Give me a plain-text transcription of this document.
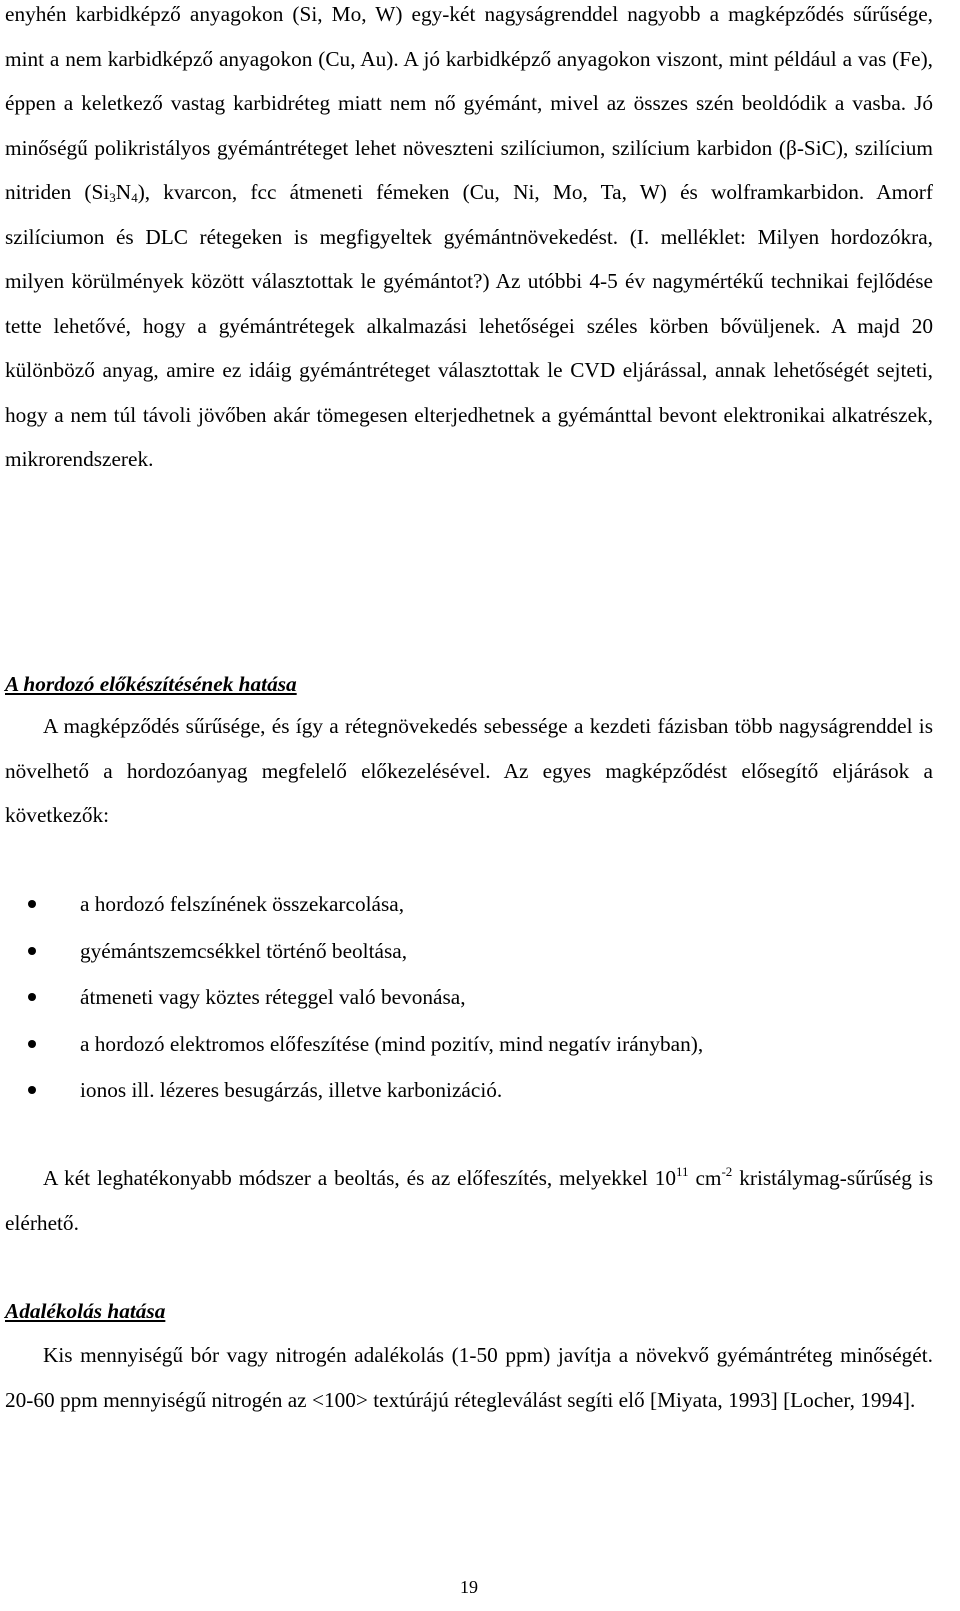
enyhén karbidképző anyagokon (Si, Mo, W) egy-két nagyságrenddel nagyobb a magképződés sűrűsége, mint a nem karbidképző anyagokon (Cu, Au). A jó karbidképző anyagokon viszont, mint például a vas (Fe), éppen a keletkező vastag karbidréteg miatt nem nő gyémánt, mivel az összes szén beoldódik a vasba. Jó minőségű polikristályos gyémántréteget lehet növeszteni szilíciumon, szilícium karbidon (β-SiC), szilícium nitriden $(Si_3N_4)$, kvarcon, fcc átmeneti fémeken (Cu, Ni, Mo, Ta, W) és wolframkarbidon. Amorf szilíciumon és DLC rétegeken is megfigyeltek gyémántnövekedést. (I. melléklet: Milyen hordozókra, milyen körülmények között választottak le gyémántot?) Az utóbbi 4-5 év nagymértékű technikai fejlődése tette lehetővé, hogy a gyémántrétegek alkalmazási lehetőségei széles körben bővüljenek. A majd 20 különböző anyag, amire ez idáig gyémántréteget választottak le CVD eljárással, annak lehetőségét sejteti, hogy a nem túl távoli jövőben akár tömegesen elterjedhetnek a gyémánttal bevont elektronikai alkatrészek, mikrorendszerek.

A hordozó előkészítésének hatása

A magképződés sűrűsége, és így a rétegnövekedés sebessége a kezdeti fázisban több nagyságrenddel is növelhető a hordozóanyag megfelelő előkezelésével. Az egyes magképződést elősegítő eljárások a következők:

a hordozó felszínének összekarcolása,
gyémántszemcsékkel történő beoltása,
átmeneti vagy köztes réteggel való bevonása,
a hordozó elektromos előfeszítése (mind pozitív, mind negatív irányban),
ionos ill. lézeres besugárzás, illetve karbonizáció.

A két leghatékonyabb módszer a beoltás, és az előfeszítés, melyekkel $10^{11}$ $cm^{-2}$ kristálymag-sűrűség is elérhető.

Adalékolás hatása

Kis mennyiségű bór vagy nitrogén adalékolás (1-50 ppm) javítja a növekvő gyémántréteg minőségét. 20-60 ppm mennyiségű nitrogén az <100> textúrájú rétegleválást segíti elő [Miyata, 1993] [Locher, 1994].

19
